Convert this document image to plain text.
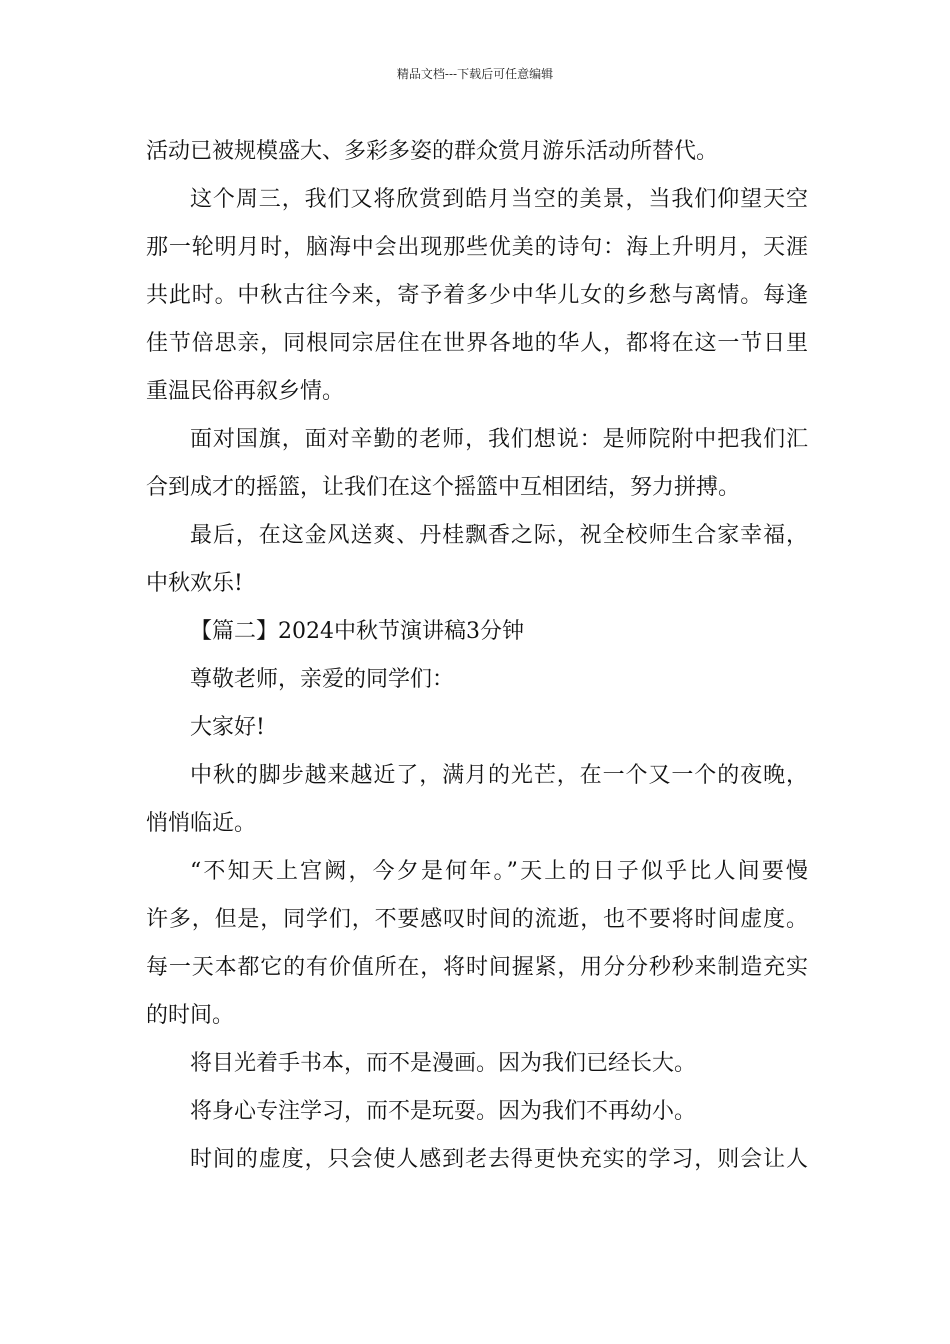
精品文档---下载后可任意编辑
活动已被规模盛大、多彩多姿的群众赏月游乐活动所替代。
这个周三，我们又将欣赏到皓月当空的美景，当我们仰望天空
那一轮明月时，脑海中会出现那些优美的诗句：海上升明月，天涯
共此时。中秋古往今来，寄予着多少中华儿女的乡愁与离情。每逢
佳节倍思亲，同根同宗居住在世界各地的华人，都将在这一节日里
重温民俗再叙乡情。
面对国旗，面对辛勤的老师，我们想说：是师院附中把我们汇
合到成才的摇篮，让我们在这个摇篮中互相团结，努力拼搏。
最后，在这金风送爽、丹桂飘香之际，祝全校师生合家幸福，
中秋欢乐!
【篇二】2024中秋节演讲稿3分钟
尊敬老师，亲爱的同学们：
大家好!
中秋的脚步越来越近了，满月的光芒，在一个又一个的夜晚，
悄悄临近。
“不知天上宫阙，今夕是何年。”天上的日子似乎比人间要慢
许多，但是，同学们，不要感叹时间的流逝，也不要将时间虚度。
每一天本都它的有价值所在，将时间握紧，用分分秒秒来制造充实
的时间。
将目光着手书本，而不是漫画。因为我们已经长大。
将身心专注学习，而不是玩耍。因为我们不再幼小。
时间的虚度，只会使人感到老去得更快充实的学习，则会让人
